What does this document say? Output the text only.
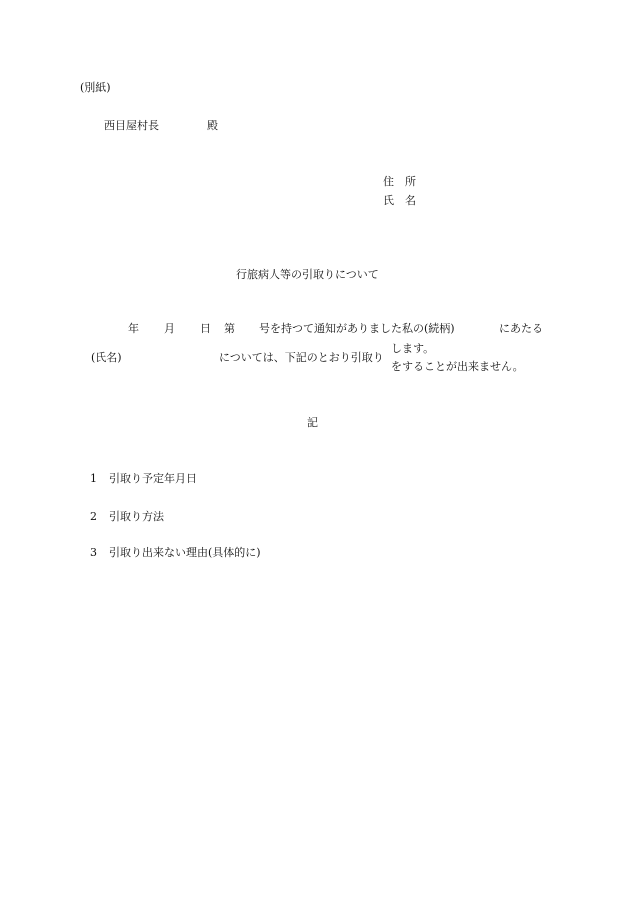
(別紙)
西目屋村長	殿
住　所
氏　名
行旅病人等の引取りについて
年 月 日 第 号を持つて通知がありました私の(続柄)	にあたる
(氏名)	については、下記のとおり引取り
します。
をすることが出来ません。
記
1 引取り予定年月日
2 引取り方法
3 引取り出来ない理由(具体的に)
